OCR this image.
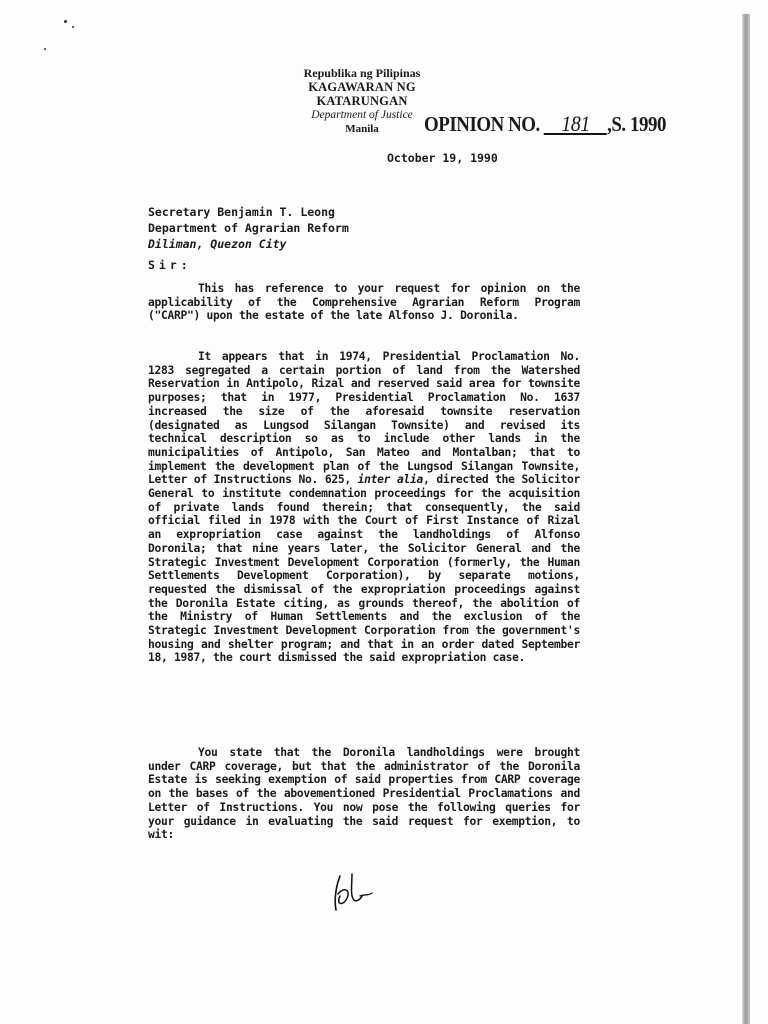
Republika ng Pilipinas
KAGAWARAN NG KATARUNGAN
Department of Justice
Manila	OPINION NO. 181 ,S. 1990
October 19, 1990
Secretary Benjamin T. Leong
Department of Agrarian Reform
Diliman, Quezon City
Sir:
This has reference to your request for opinion on the applicability of the Comprehensive Agrarian Reform Program ("CARP") upon the estate of the late Alfonso J. Doronila.
It appears that in 1974, Presidential Proclamation No. 1283 segregated a certain portion of land from the Watershed Reservation in Antipolo, Rizal and reserved said area for townsite purposes; that in 1977, Presidential Proclamation No. 1637 increased the size of the aforesaid townsite reservation (designated as Lungsod Silangan Townsite) and revised its technical description so as to include other lands in the municipalities of Antipolo, San Mateo and Montalban; that to implement the development plan of the Lungsod Silangan Townsite, Letter of Instructions No. 625, inter alia, directed the Solicitor General to institute condemnation proceedings for the acquisition of private lands found therein; that consequently, the said official filed in 1978 with the Court of First Instance of Rizal an expropriation case against the landholdings of Alfonso Doronila; that nine years later, the Solicitor General and the Strategic Investment Development Corporation (formerly, the Human Settlements Development Corporation), by separate motions, requested the dismissal of the expropriation proceedings against the Doronila Estate citing, as grounds thereof, the abolition of the Ministry of Human Settlements and the exclusion of the Strategic Investment Development Corporation from the government's housing and shelter program; and that in an order dated September 18, 1987, the court dismissed the said expropriation case.
You state that the Doronila landholdings were brought under CARP coverage, but that the administrator of the Doronila Estate is seeking exemption of said properties from CARP coverage on the bases of the abovementioned Presidential Proclamations and Letter of Instructions. You now pose the following queries for your guidance in evaluating the said request for exemption, to wit:
